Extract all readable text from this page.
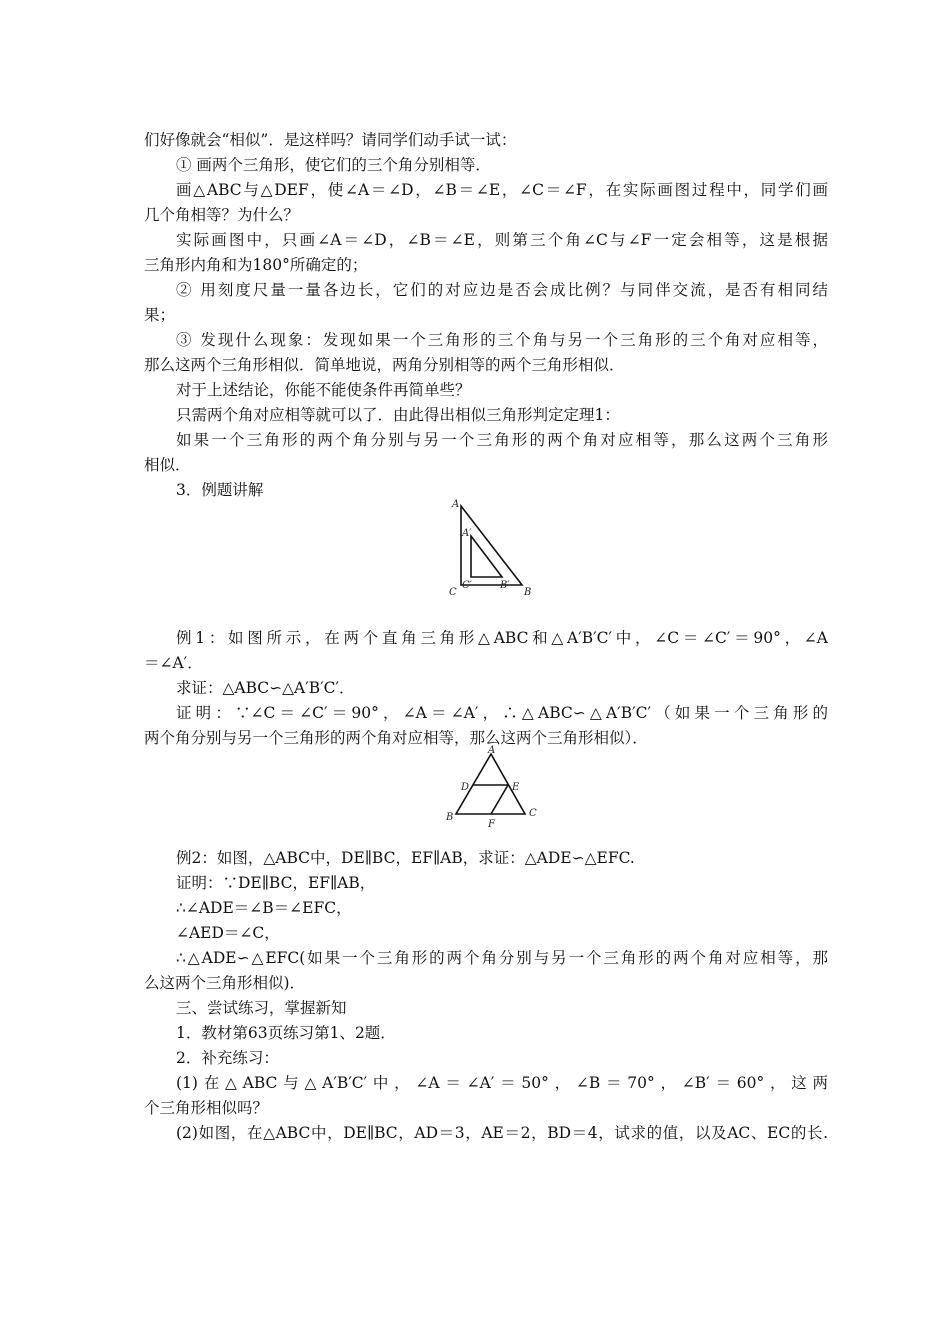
们好像就会“相似”．是这样吗？请同学们动手试一试：
① 画两个三角形，使它们的三个角分别相等．
画△ABC与△DEF，使∠A＝∠D，∠B＝∠E，∠C＝∠F，在实际画图过程中，同学们画
几个角相等？为什么？
实际画图中，只画∠A＝∠D，∠B＝∠E，则第三个角∠C与∠F一定会相等，这是根据
三角形内角和为180°所确定的；
② 用刻度尺量一量各边长，它们的对应边是否会成比例？与同伴交流，是否有相同结
果；
③ 发现什么现象：发现如果一个三角形的三个角与另一个三角形的三个角对应相等，
那么这两个三角形相似．简单地说，两角分别相等的两个三角形相似．
对于上述结论，你能不能使条件再简单些？
只需两个角对应相等就可以了．由此得出相似三角形判定定理1：
如果一个三角形的两个角分别与另一个三角形的两个角对应相等，那么这两个三角形
相似．
3．例题讲解
A
A′
C
C′	B′
B
例1：如图所示，在两个直角三角形△ABC和△A′B′C′中，∠C＝∠C′＝90°，∠A
＝∠A′．
求证：△ABC∽△A′B′C′．
证明：∵∠C＝∠C′＝90°，∠A＝∠A′，∴△ABC∽△A′B′C′（如果一个三角形的
两个角分别与另一个三角形的两个角对应相等，那么这两个三角形相似）．
A
D	E
B
F
C
例2：如图，△ABC中，DE∥BC，EF∥AB，求证：△ADE∽△EFC.
证明：∵DE∥BC，EF∥AB，
∴∠ADE＝∠B＝∠EFC，
∠AED＝∠C，
∴△ADE∽△EFC(如果一个三角形的两个角分别与另一个三角形的两个角对应相等，那
么这两个三角形相似)．
三、尝试练习，掌握新知
1．教材第63页练习第1、2题．
2．补充练习：
(1)在△ABC与△A′B′C′中，∠A＝∠A′＝50°，∠B＝70°，∠B′＝60°，这两
个三角形相似吗？
(2)如图，在△ABC中，DE∥BC，AD＝3，AE＝2，BD＝4，试求的值，以及AC、EC的长.
